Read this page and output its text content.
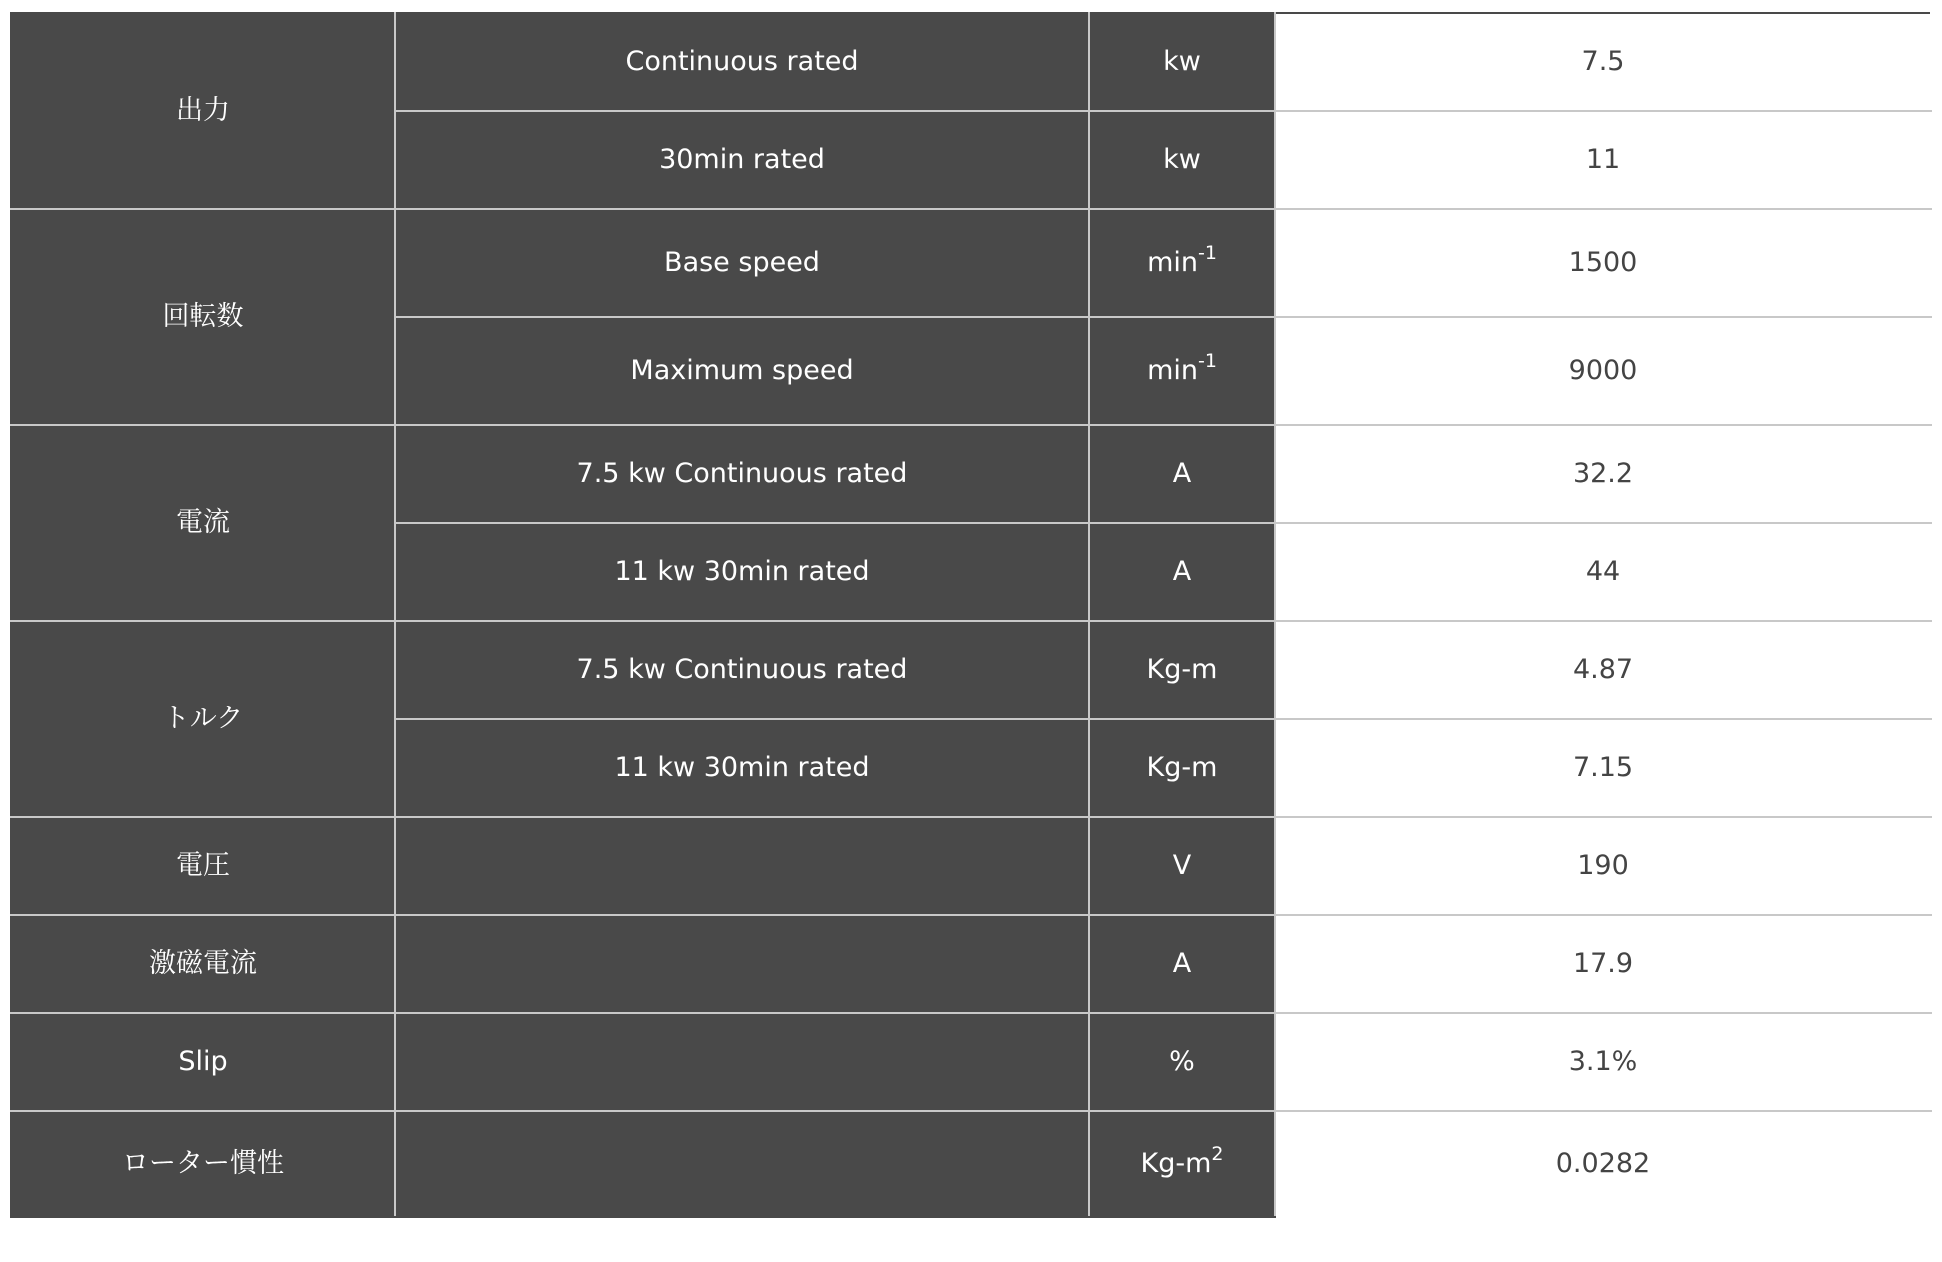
出力	Continuous rated	kw	7.5
	30min rated	kw	11
回転数	Base speed	$\min^{-1}$	1500
	Maximum speed	$\min^{-1}$	9000
電流	7.5 kw Continuous rated	A	32.2
	11 kw 30min rated	A	44
トルク	7.5 kw Continuous rated	Kg-m	4.87
	11 kw 30min rated	Kg-m	7.15
電圧		V	190
激磁電流		A	17.9
Slip		%	3.1%
ローター慣性		$Kg-m^2$	0.0282
